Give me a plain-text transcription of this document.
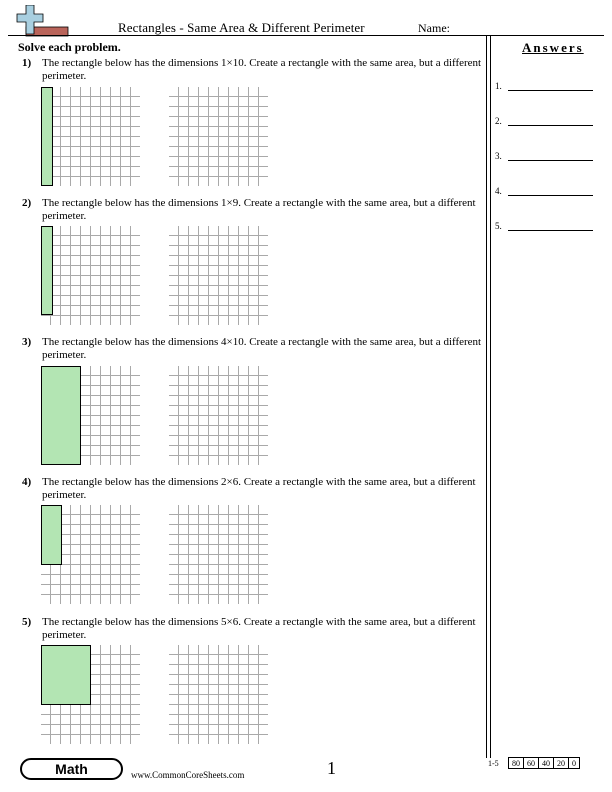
Rectangles - Same Area & Different Perimeter	Name:
Solve each problem.
1) The rectangle below has the dimensions 1×10. Create a rectangle with the same area, but a different perimeter.
2) The rectangle below has the dimensions 1×9. Create a rectangle with the same area, but a different perimeter.
3) The rectangle below has the dimensions 4×10. Create a rectangle with the same area, but a different perimeter.
4) The rectangle below has the dimensions 2×6. Create a rectangle with the same area, but a different perimeter.
5) The rectangle below has the dimensions 5×6. Create a rectangle with the same area, but a different perimeter.
Answers
1.
2.
3.
4.
5.
Math	www.CommonCoreSheets.com	1	1-5 80	60	40	20	0
